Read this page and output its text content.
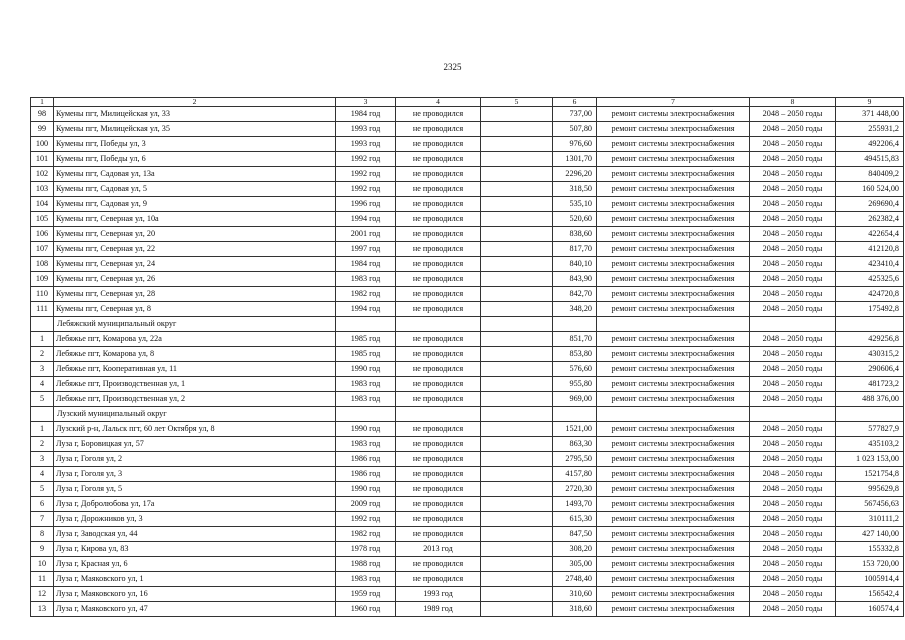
2325
1	2	3	4	5	6	7	8	9
98	Кумены пгт, Милицейская ул, 33	1984 год	не проводился		737,00	ремонт системы электроснабжения	2048 – 2050 годы	371 448,00
99	Кумены пгт, Милицейская ул, 35	1993 год	не проводился		507,80	ремонт системы электроснабжения	2048 – 2050 годы	255931,2
100	Кумены пгт, Победы ул, 3	1993 год	не проводился		976,60	ремонт системы электроснабжения	2048 – 2050 годы	492206,4
101	Кумены пгт, Победы ул, 6	1992 год	не проводился		1301,70	ремонт системы электроснабжения	2048 – 2050 годы	494515,83
102	Кумены пгт, Садовая ул, 13а	1992 год	не проводился		2296,20	ремонт системы электроснабжения	2048 – 2050 годы	840409,2
103	Кумены пгт, Садовая ул, 5	1992 год	не проводился		318,50	ремонт системы электроснабжения	2048 – 2050 годы	160 524,00
104	Кумены пгт, Садовая ул, 9	1996 год	не проводился		535,10	ремонт системы электроснабжения	2048 – 2050 годы	269690,4
105	Кумены пгт, Северная ул, 10а	1994 год	не проводился		520,60	ремонт системы электроснабжения	2048 – 2050 годы	262382,4
106	Кумены пгт, Северная ул, 20	2001 год	не проводился		838,60	ремонт системы электроснабжения	2048 – 2050 годы	422654,4
107	Кумены пгт, Северная ул, 22	1997 год	не проводился		817,70	ремонт системы электроснабжения	2048 – 2050 годы	412120,8
108	Кумены пгт, Северная ул, 24	1984 год	не проводился		840,10	ремонт системы электроснабжения	2048 – 2050 годы	423410,4
109	Кумены пгт, Северная ул, 26	1983 год	не проводился		843,90	ремонт системы электроснабжения	2048 – 2050 годы	425325,6
110	Кумены пгт, Северная ул, 28	1982 год	не проводился		842,70	ремонт системы электроснабжения	2048 – 2050 годы	424720,8
111	Кумены пгт, Северная ул, 8	1994 год	не проводился		348,20	ремонт системы электроснабжения	2048 – 2050 годы	175492,8
	Лебяжский муниципальный округ							
1	Лебяжье пгт, Комарова ул, 22а	1985 год	не проводился		851,70	ремонт системы электроснабжения	2048 – 2050 годы	429256,8
2	Лебяжье пгт, Комарова ул, 8	1985 год	не проводился		853,80	ремонт системы электроснабжения	2048 – 2050 годы	430315,2
3	Лебяжье пгт, Кооперативная ул, 11	1990 год	не проводился		576,60	ремонт системы электроснабжения	2048 – 2050 годы	290606,4
4	Лебяжье пгт, Производственная ул, 1	1983 год	не проводился		955,80	ремонт системы электроснабжения	2048 – 2050 годы	481723,2
5	Лебяжье пгт, Производственная ул, 2	1983 год	не проводился		969,00	ремонт системы электроснабжения	2048 – 2050 годы	488 376,00
	Лузский муниципальный округ							
1	Лузский р-н, Лальск пгт, 60 лет Октября ул, 8	1990 год	не проводился		1521,00	ремонт системы электроснабжения	2048 – 2050 годы	577827,9
2	Луза г, Боровицкая ул, 57	1983 год	не проводился		863,30	ремонт системы электроснабжения	2048 – 2050 годы	435103,2
3	Луза г, Гоголя ул, 2	1986 год	не проводился		2795,50	ремонт системы электроснабжения	2048 – 2050 годы	1 023 153,00
4	Луза г, Гоголя ул, 3	1986 год	не проводился		4157,80	ремонт системы электроснабжения	2048 – 2050 годы	1521754,8
5	Луза г, Гоголя ул, 5	1990 год	не проводился		2720,30	ремонт системы электроснабжения	2048 – 2050 годы	995629,8
6	Луза г, Добролюбова ул, 17а	2009 год	не проводился		1493,70	ремонт системы электроснабжения	2048 – 2050 годы	567456,63
7	Луза г, Дорожников ул, 3	1992 год	не проводился		615,30	ремонт системы электроснабжения	2048 – 2050 годы	310111,2
8	Луза г, Заводская ул, 44	1982 год	не проводился		847,50	ремонт системы электроснабжения	2048 – 2050 годы	427 140,00
9	Луза г, Кирова ул, 83	1978 год	2013 год		308,20	ремонт системы электроснабжения	2048 – 2050 годы	155332,8
10	Луза г, Красная ул, 6	1988 год	не проводился		305,00	ремонт системы электроснабжения	2048 – 2050 годы	153 720,00
11	Луза г, Маяковского ул, 1	1983 год	не проводился		2748,40	ремонт системы электроснабжения	2048 – 2050 годы	1005914,4
12	Луза г, Маяковского ул, 16	1959 год	1993 год		310,60	ремонт системы электроснабжения	2048 – 2050 годы	156542,4
13	Луза г, Маяковского ул, 47	1960 год	1989 год		318,60	ремонт системы электроснабжения	2048 – 2050 годы	160574,4
